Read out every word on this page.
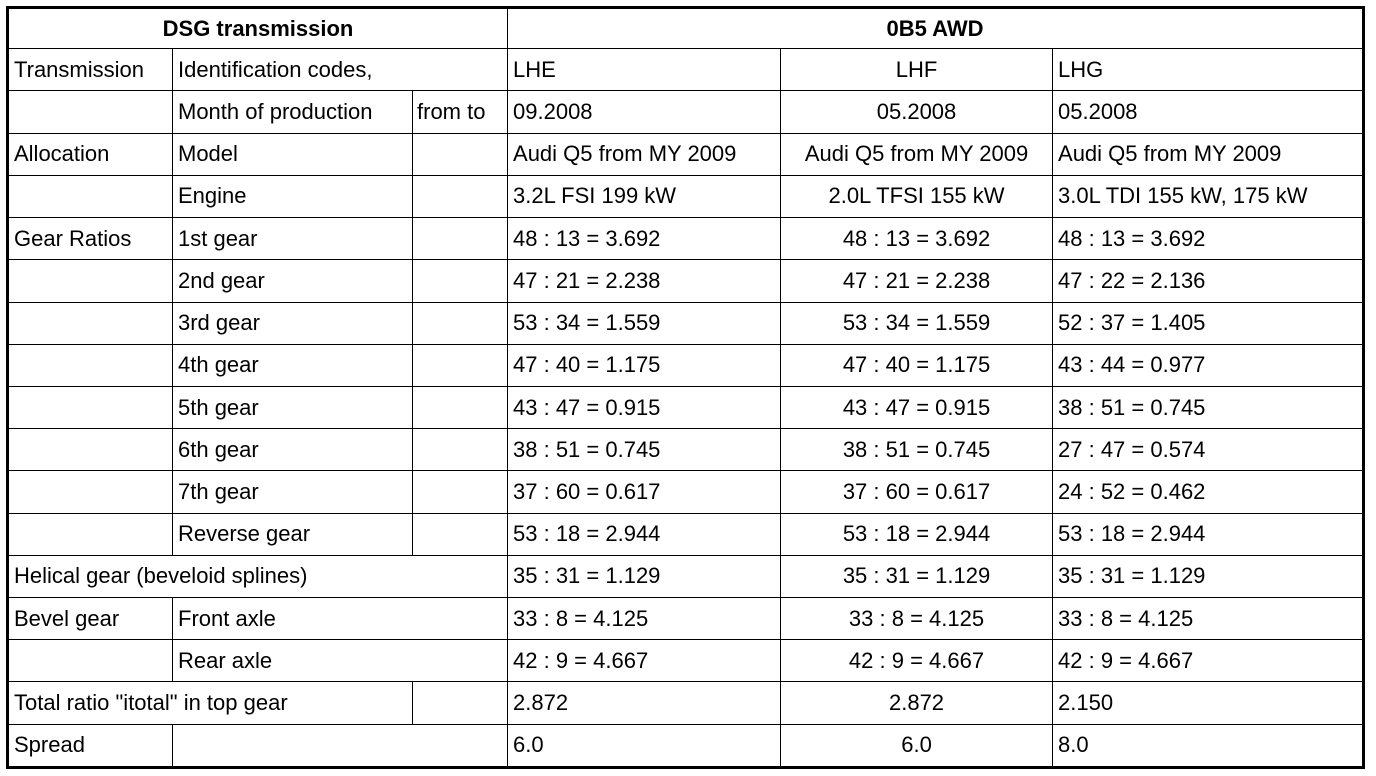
DSG transmission			0B5 AWD		
Transmission	Identification codes,		LHE	LHF	LHG
	Month of production	from to	09.2008	05.2008	05.2008
Allocation	Model		Audi Q5 from MY 2009	Audi Q5 from MY 2009	Audi Q5 from MY 2009
	Engine		3.2L FSI 199 kW	2.0L TFSI 155 kW	3.0L TDI 155 kW, 175 kW
Gear Ratios	1st gear		48 : 13 = 3.692	48 : 13 = 3.692	48 : 13 = 3.692
	2nd gear		47 : 21 = 2.238	47 : 21 = 2.238	47 : 22 = 2.136
	3rd gear		53 : 34 = 1.559	53 : 34 = 1.559	52 : 37 = 1.405
	4th gear		47 : 40 = 1.175	47 : 40 = 1.175	43 : 44 = 0.977
	5th gear		43 : 47 = 0.915	43 : 47 = 0.915	38 : 51 = 0.745
	6th gear		38 : 51 = 0.745	38 : 51 = 0.745	27 : 47 = 0.574
	7th gear		37 : 60 = 0.617	37 : 60 = 0.617	24 : 52 = 0.462
	Reverse gear		53 : 18 = 2.944	53 : 18 = 2.944	53 : 18 = 2.944
Helical gear (beveloid splines)			35 : 31 = 1.129	35 : 31 = 1.129	35 : 31 = 1.129
Bevel gear	Front axle		33 : 8 = 4.125	33 : 8 = 4.125	33 : 8 = 4.125
	Rear axle		42 : 9 = 4.667	42 : 9 = 4.667	42 : 9 = 4.667
Total ratio "itotal" in top gear			2.872	2.872	2.150
Spread			6.0	6.0	8.0
